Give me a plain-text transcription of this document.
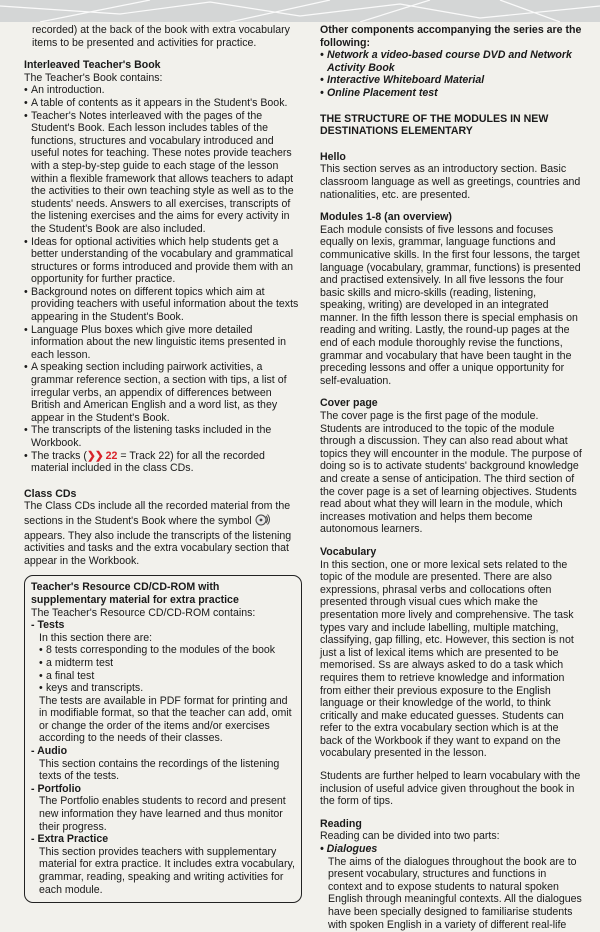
recorded) at the back of the book with extra vocabulary items to be presented and activities for practice.

Interleaved Teacher's Book

The Teacher's Book contains:

• An introduction.
• A table of contents as it appears in the Student's Book.
• Teacher's Notes interleaved with the pages of the Student's Book. Each lesson includes tables of the functions, structures and vocabulary introduced and useful notes for teaching. These notes provide teachers with a step-by-step guide to each stage of the lesson within a flexible framework that allows teachers to adapt the activities to their own teaching style as well as to the students' needs. Answers to all exercises, transcripts of the listening exercises and the aims for every activity in the Student's Book are also included.
• Ideas for optional activities which help students get a better understanding of the vocabulary and grammatical structures or forms introduced and provide them with an opportunity for further practice.
• Background notes on different topics which aim at providing teachers with useful information about the texts appearing in the Student's Book.
• Language Plus boxes which give more detailed information about the new linguistic items presented in each lesson.
• A speaking section including pairwork activities, a grammar reference section, a section with tips, a list of irregular verbs, an appendix of differences between British and American English and a word list, as they appear in the Student's Book.
• The transcripts of the listening tasks included in the Workbook.
• The tracks (❯❯ 22 = Track 22) for all the recorded material included in the class CDs.

Class CDs

The Class CDs include all the recorded material from the sections in the Student's Book where the symbol  appears. They also include the transcripts of the listening activities and tasks and the extra vocabulary section that appear in the Workbook.

Teacher's Resource CD/CD-ROM with supplementary material for extra practice

The Teacher's Resource CD/CD-ROM contains:

- Tests

In this section there are:

• 8 tests corresponding to the modules of the book
• a midterm test
• a final test
• keys and transcripts.

The tests are available in PDF format for printing and in modifiable format, so that the teacher can add, omit or change the order of the items and/or exercises according to the needs of their classes.

- Audio

This section contains the recordings of the listening texts of the tests.

- Portfolio

The Portfolio enables students to record and present new information they have learned and thus monitor their progress.

- Extra Practice

This section provides teachers with supplementary material for extra practice. It includes extra vocabulary, grammar, reading, speaking and writing activities for each module.

Other components accompanying the series are the following:

• Network a video-based course DVD and Network Activity Book
• Interactive Whiteboard Material
• Online Placement test

THE STRUCTURE OF THE MODULES IN NEW DESTINATIONS ELEMENTARY

Hello

This section serves as an introductory section. Basic classroom language as well as greetings, countries and nationalities, etc. are presented.

Modules 1-8 (an overview)

Each module consists of five lessons and focuses equally on lexis, grammar, language functions and communicative skills. In the first four lessons, the target language (vocabulary, grammar, functions) is presented and practised extensively. In all five lessons the four basic skills and micro-skills (reading, listening, speaking, writing) are developed in an integrated manner. In the fifth lesson there is special emphasis on reading and writing. Lastly, the round-up pages at the end of each module thoroughly revise the functions, grammar and vocabulary that have been taught in the preceding lessons and offer a unique opportunity for self-evaluation.

Cover page

The cover page is the first page of the module. Students are introduced to the topic of the module through a discussion. They can also read about what topics they will encounter in the module. The purpose of doing so is to activate students' background knowledge and create a sense of anticipation. The third section of the cover page is a set of learning objectives. Students read about what they will learn in the module, which increases motivation and helps them become autonomous learners.

Vocabulary

In this section, one or more lexical sets related to the topic of the module are presented. There are also expressions, phrasal verbs and collocations often presented through visual cues which make the presentation more lively and comprehensive. The task types vary and include labelling, multiple matching, classifying, gap filling, etc. However, this section is not just a list of lexical items which are presented to be memorised. Ss are always asked to do a task which requires them to retrieve knowledge and information from either their previous exposure to the English language or their knowledge of the world, to think critically and make educated guesses. Students can refer to the extra vocabulary section which is at the back of the Workbook if they want to expand on the vocabulary presented in the lesson.

Students are further helped to learn vocabulary with the inclusion of useful advice given throughout the book in the form of tips.

Reading

Reading can be divided into two parts:

• Dialogues

The aims of the dialogues throughout the book are to present vocabulary, structures and functions in context and to expose students to natural spoken English through meaningful contexts. All the dialogues have been specially designed to familiarise students with spoken English in a variety of different real-life
